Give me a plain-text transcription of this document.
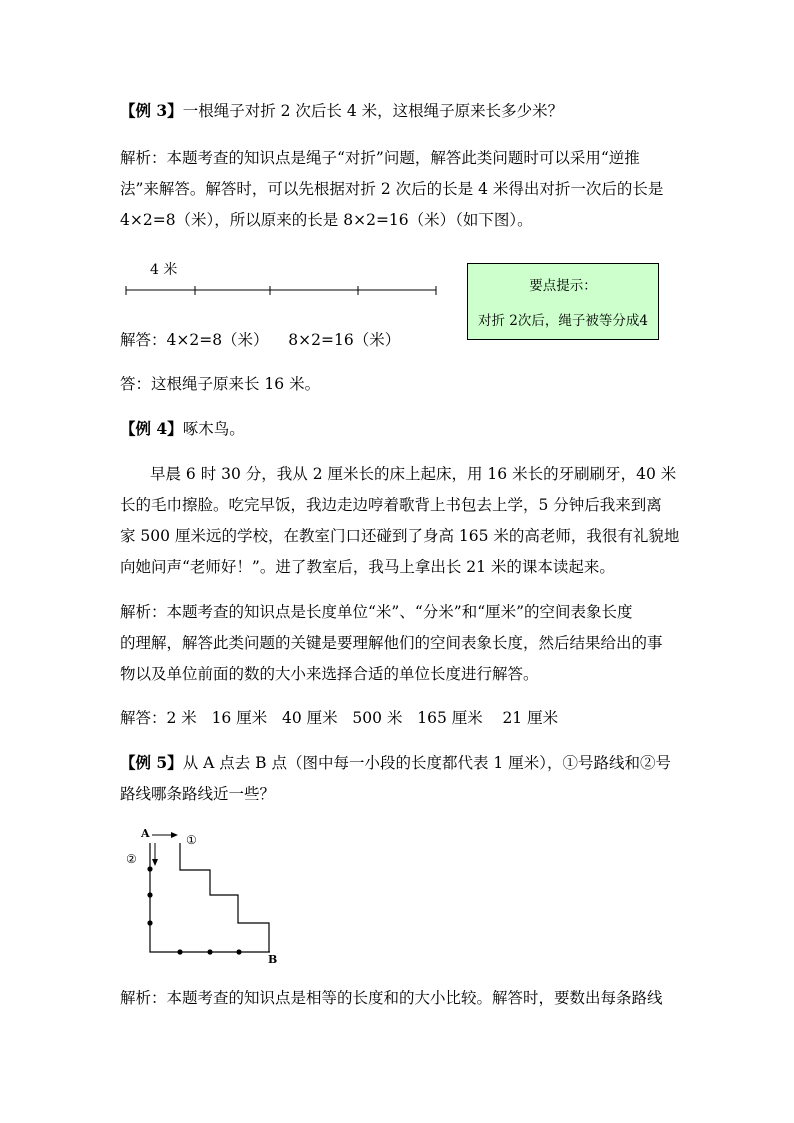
【例 3】一根绳子对折 2 次后长 4 米，这根绳子原来长多少米？
解析：本题考查的知识点是绳子“对折”问题，解答此类问题时可以采用“逆推
法”来解答。解答时，可以先根据对折 2 次后的长是 4 米得出对折一次后的长是
4×2=8（米），所以原来的长是 8×2=16（米）（如下图）。
4 米
要点提示：
对折 2次后，绳子被等分成4
解答：4×2=8（米）    8×2=16（米）
答：这根绳子原来长 16 米。
【例 4】啄木鸟。
早晨 6 时 30 分，我从 2 厘米长的床上起床，用 16 米长的牙刷刷牙，40 米
长的毛巾擦脸。吃完早饭，我边走边哼着歌背上书包去上学，5 分钟后我来到离
家 500 厘米远的学校，在教室门口还碰到了身高 165 米的高老师，我很有礼貌地
向她问声“老师好！”。进了教室后，我马上拿出长 21 米的课本读起来。
解析：本题考查的知识点是长度单位“米”、“分米”和“厘米”的空间表象长度
的理解，解答此类问题的关键是要理解他们的空间表象长度，然后结果给出的事
物以及单位前面的数的大小来选择合适的单位长度进行解答。
解答：2 米   16 厘米   40 厘米   500 米   165 厘米    21 厘米
【例 5】从 A 点去 B 点（图中每一小段的长度都代表 1 厘米），①号路线和②号
路线哪条路线近一些？
A	①
②
B
解析：本题考查的知识点是相等的长度和的大小比较。解答时，要数出每条路线
